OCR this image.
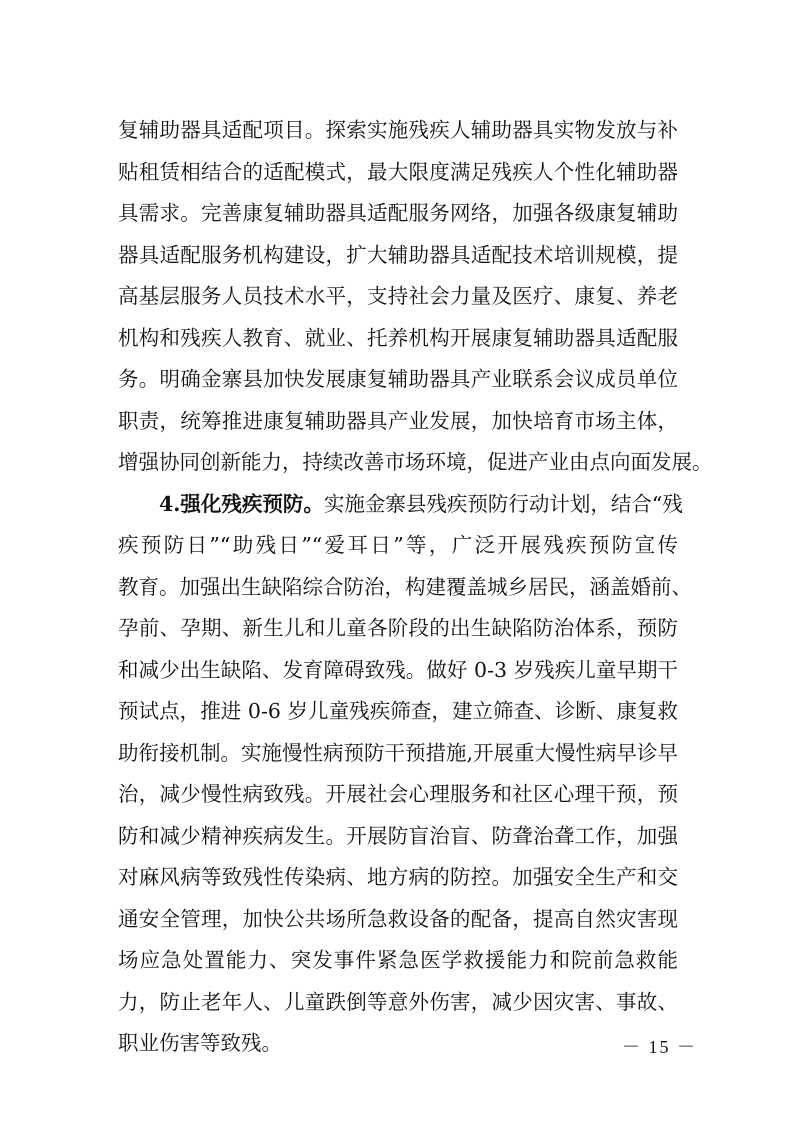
复辅助器具适配项目。探索实施残疾人辅助器具实物发放与补
贴租赁相结合的适配模式，最大限度满足残疾人个性化辅助器
具需求。完善康复辅助器具适配服务网络，加强各级康复辅助
器具适配服务机构建设，扩大辅助器具适配技术培训规模，提
高基层服务人员技术水平，支持社会力量及医疗、康复、养老
机构和残疾人教育、就业、托养机构开展康复辅助器具适配服
务。明确金寨县加快发展康复辅助器具产业联系会议成员单位
职责，统筹推进康复辅助器具产业发展，加快培育市场主体，
增强协同创新能力，持续改善市场环境，促进产业由点向面发展。
4.强化残疾预防。实施金寨县残疾预防行动计划，结合“残
疾预防日”“助残日”“爱耳日”等，广泛开展残疾预防宣传
教育。加强出生缺陷综合防治，构建覆盖城乡居民，涵盖婚前、
孕前、孕期、新生儿和儿童各阶段的出生缺陷防治体系，预防
和减少出生缺陷、发育障碍致残。做好 0-3 岁残疾儿童早期干
预试点，推进 0-6 岁儿童残疾筛查，建立筛查、诊断、康复救
助衔接机制。实施慢性病预防干预措施,开展重大慢性病早诊早
治，减少慢性病致残。开展社会心理服务和社区心理干预，预
防和减少精神疾病发生。开展防盲治盲、防聋治聋工作，加强
对麻风病等致残性传染病、地方病的防控。加强安全生产和交
通安全管理，加快公共场所急救设备的配备，提高自然灾害现
场应急处置能力、突发事件紧急医学救援能力和院前急救能
力，防止老年人、儿童跌倒等意外伤害，减少因灾害、事故、
职业伤害等致残。	－ 15 －
